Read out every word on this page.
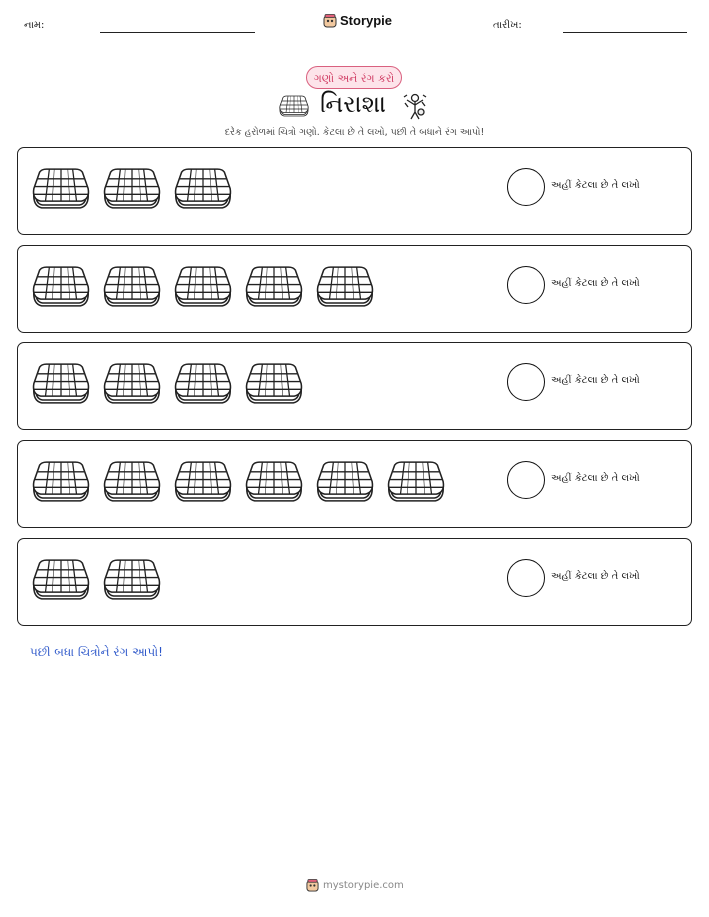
નામ:	Storypie	તારીખ:
ગણો અને રંગ કરો
નિરાશા
દરેક હરોળમાં ચિત્રો ગણો. કેટલા છે તે લખો, પછી તે બધાને રંગ આપો!
અહીં કેટલા છે તે લખો
અહીં કેટલા છે તે લખો
અહીં કેટલા છે તે લખો
અહીં કેટલા છે તે લખો
અહીં કેટલા છે તે લખો
પછી બધા ચિત્રોને રંગ આપો!
mystorypie.com
